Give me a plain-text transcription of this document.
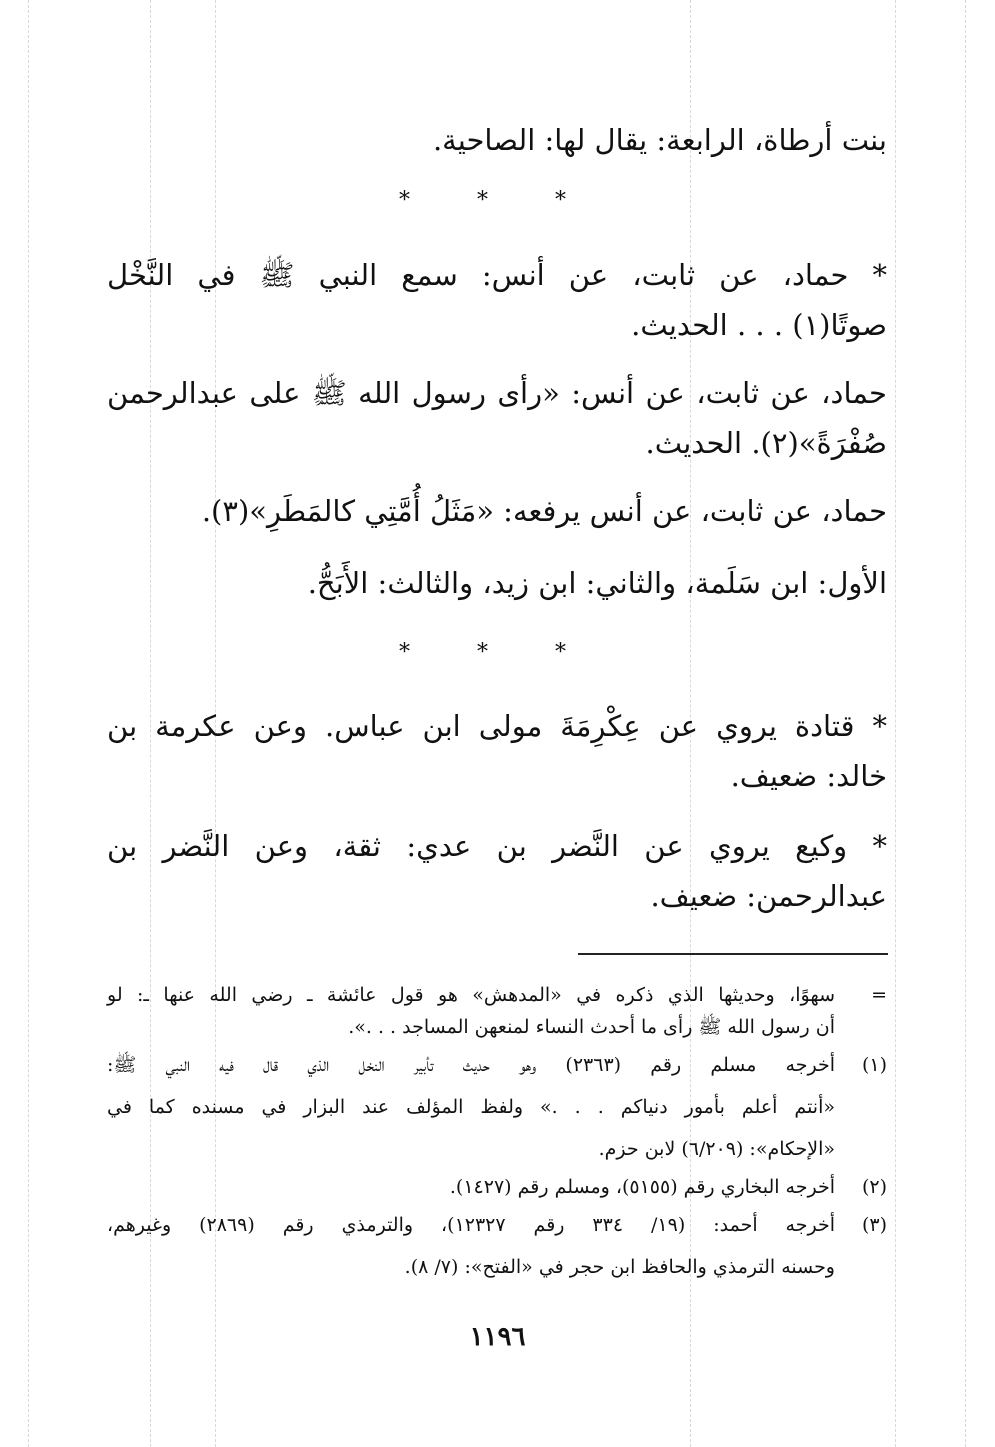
بنت أرطاة، الرابعة: يقال لها: الصاحية.
* * *
* حماد، عن ثابت، عن أنس: سمع النبي ﷺ في النَّخْل
صوتًا(١) . . . الحديث.
حماد، عن ثابت، عن أنس: «رأى رسول الله ﷺ على عبدالرحمن
صُفْرَةً»(٢). الحديث.
حماد، عن ثابت، عن أنس يرفعه: «مَثَلُ أُمَّتِي كالمَطَرِ»(٣).
الأول: ابن سَلَمة، والثاني: ابن زيد، والثالث: الأَبَحُّ.
* * *
* قتادة يروي عن عِكْرِمَةَ مولى ابن عباس. وعن عكرمة بن
خالد: ضعيف.
* وكيع يروي عن النَّضر بن عدي: ثقة، وعن النَّضر بن
عبدالرحمن: ضعيف.
=
سهوًا، وحديثها الذي ذكره في «المدهش» هو قول عائشة ـ رضي الله عنها ـ: لو
أن رسول الله ﷺ رأى ما أحدث النساء لمنعهن المساجد . . .».
(١)
أخرجه مسلم رقم (٢٣٦٣) وهو حديث تأبير النخل الذي قال فيه النبي ﷺ:
«أنتم أعلم بأمور دنياكم . . .» ولفظ المؤلف عند البزار في مسنده كما في
«الإحكام»: (٦/٢٠٩) لابن حزم.
(٢)
أخرجه البخاري رقم (٥١٥٥)، ومسلم رقم (١٤٢٧).
(٣)
أخرجه أحمد: (١٩/ ٣٣٤ رقم ١٢٣٢٧)، والترمذي رقم (٢٨٦٩) وغيرهم،
وحسنه الترمذي والحافظ ابن حجر في «الفتح»: (٧/ ٨).
١١٩٦
